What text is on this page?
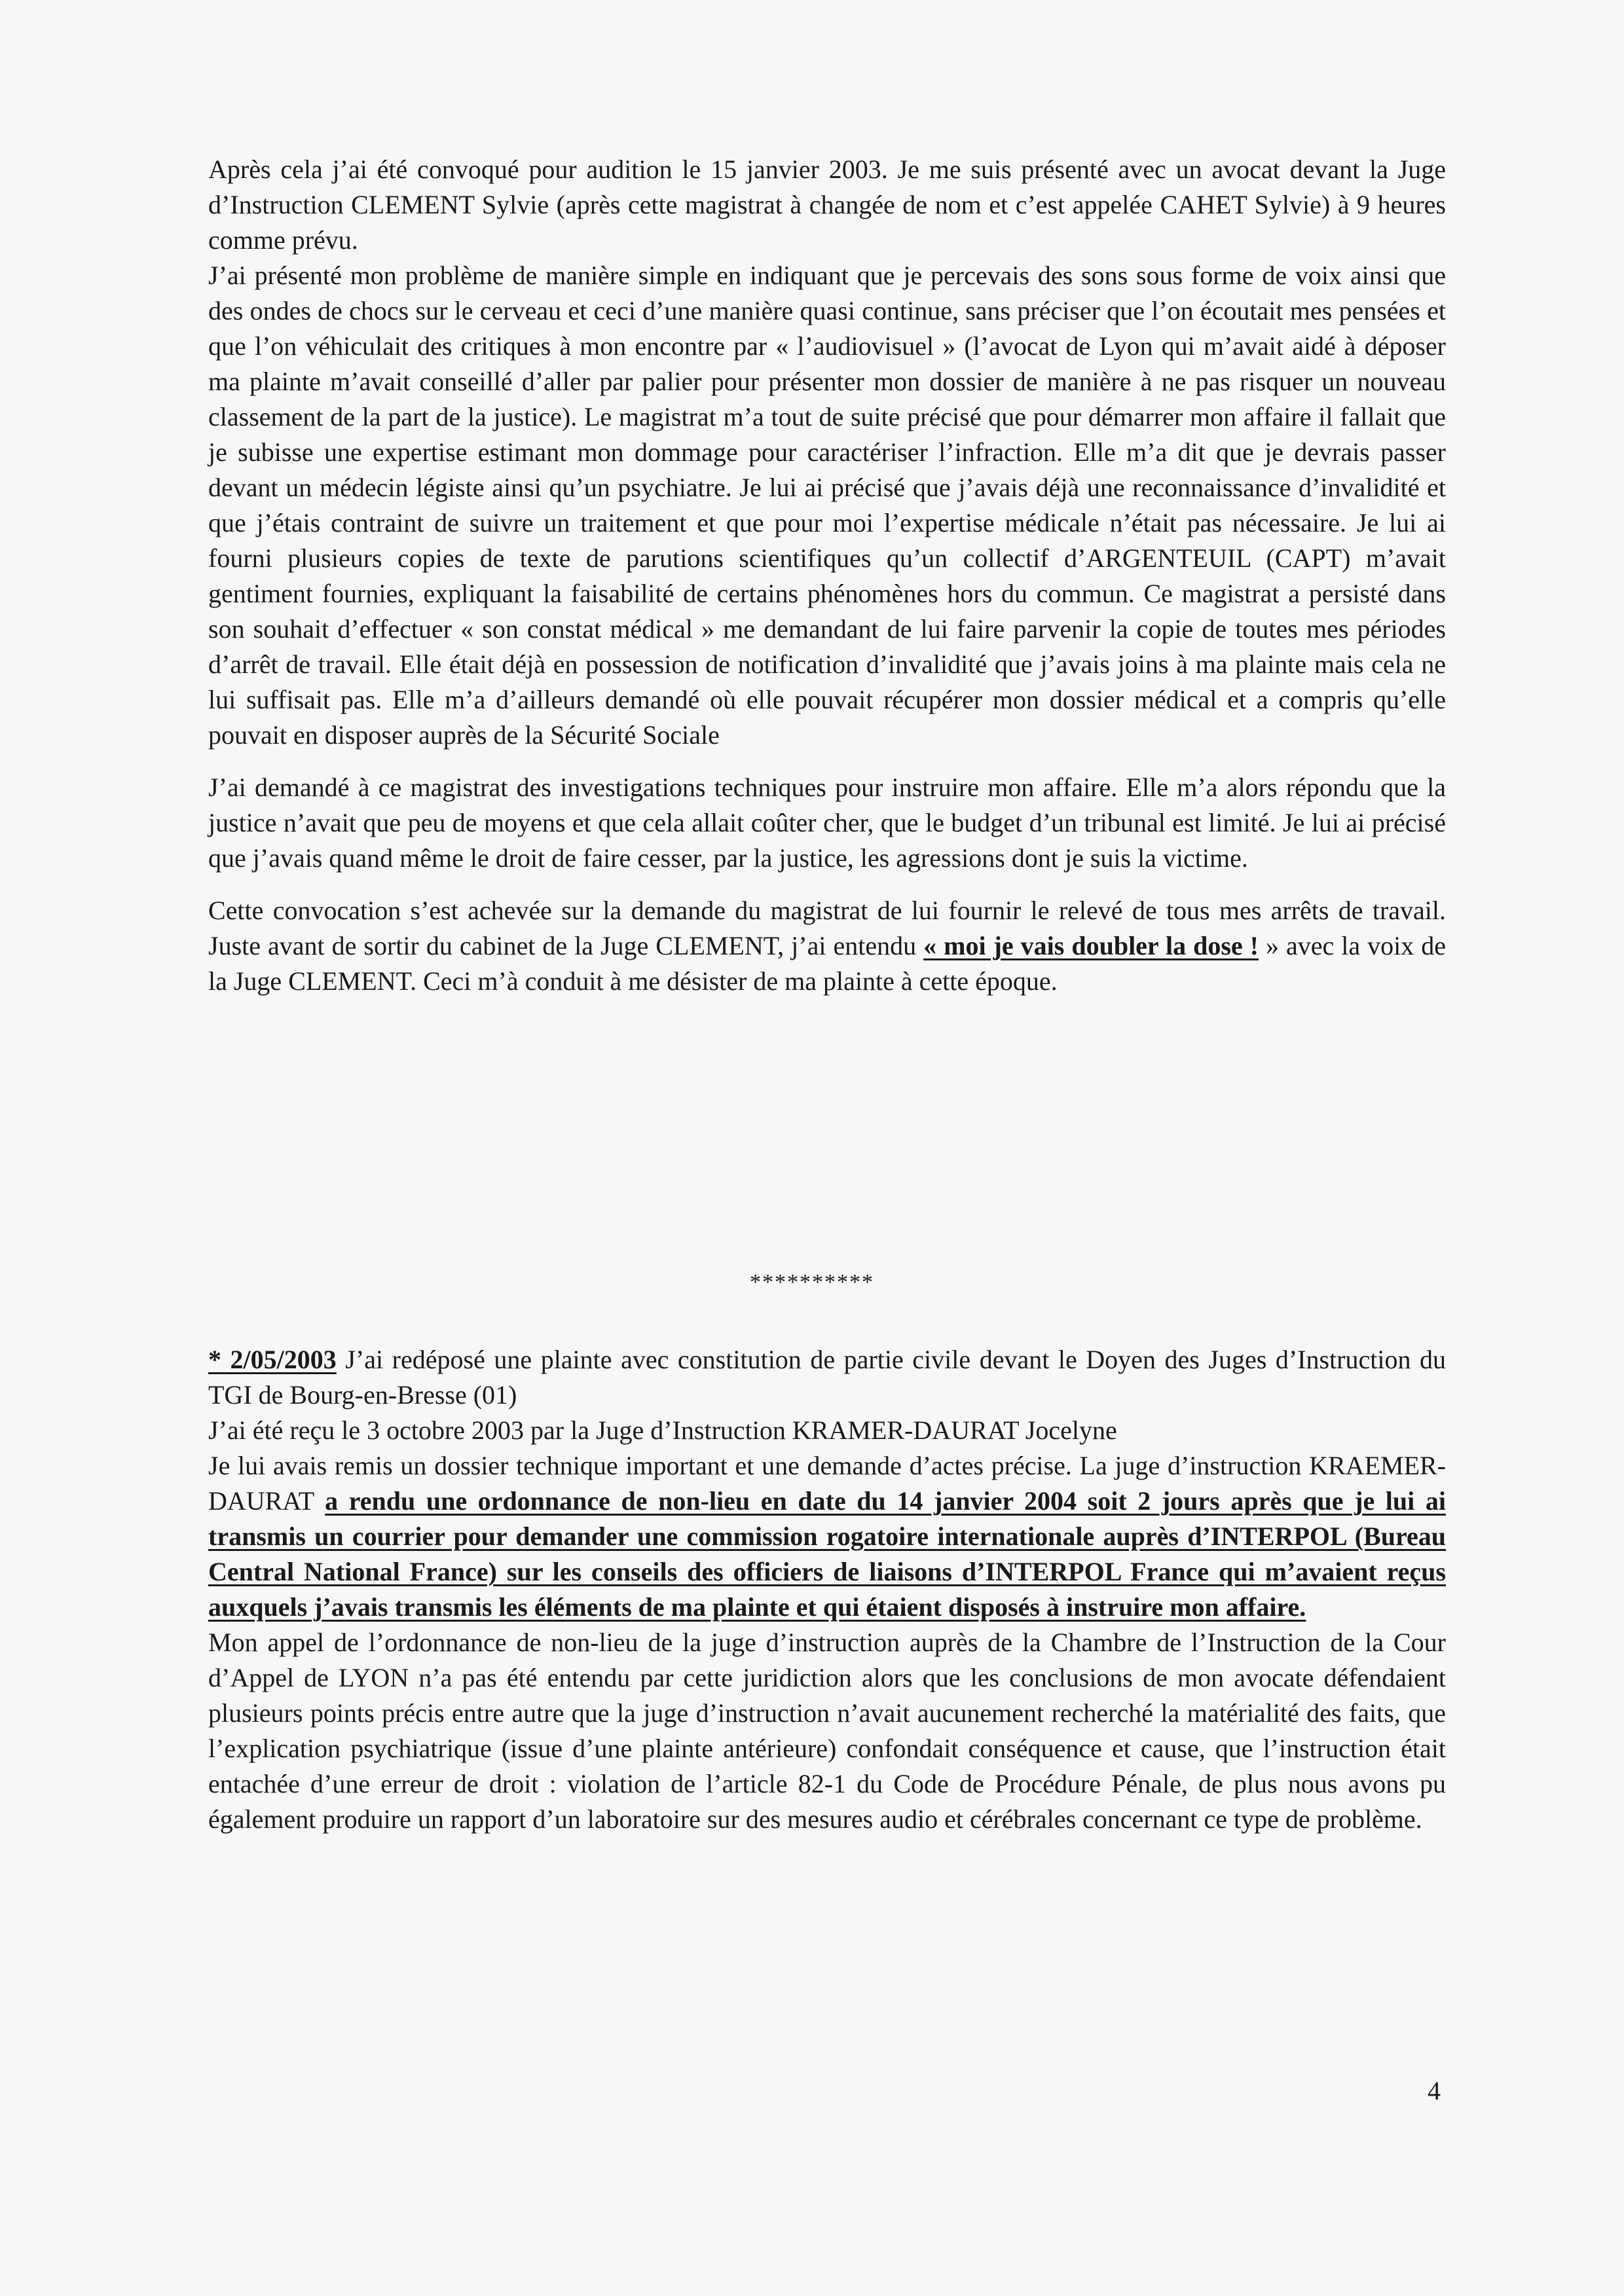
Après cela j’ai été convoqué pour audition le 15 janvier 2003. Je me suis présenté avec un avocat devant la Juge d’Instruction CLEMENT Sylvie (après cette magistrat à changée de nom et c’est appelée CAHET Sylvie) à 9 heures comme prévu.

J’ai présenté mon problème de manière simple en indiquant que je percevais des sons sous forme de voix ainsi que des ondes de chocs sur le cerveau et ceci d’une manière quasi continue, sans préciser que l’on écoutait mes pensées et que l’on véhiculait des critiques à mon encontre par « l’audiovisuel » (l’avocat de Lyon qui m’avait aidé à déposer ma plainte m’avait conseillé d’aller par palier pour présenter mon dossier de manière à ne pas risquer un nouveau classement de la part de la justice). Le magistrat m’a tout de suite précisé que pour démarrer mon affaire il fallait que je subisse une expertise estimant mon dommage pour caractériser l’infraction. Elle m’a dit que je devrais passer devant un médecin légiste ainsi qu’un psychiatre. Je lui ai précisé que j’avais déjà une reconnaissance d’invalidité et que j’étais contraint de suivre un traitement et que pour moi l’expertise médicale n’était pas nécessaire. Je lui ai fourni plusieurs copies de texte de parutions scientifiques qu’un collectif d’ARGENTEUIL (CAPT) m’avait gentiment fournies, expliquant la faisabilité de certains phénomènes hors du commun. Ce magistrat a persisté dans son souhait d’effectuer « son constat médical » me demandant de lui faire parvenir la copie de toutes mes périodes d’arrêt de travail. Elle était déjà en possession de notification d’invalidité que j’avais joins à ma plainte mais cela ne lui suffisait pas. Elle m’a d’ailleurs demandé où elle pouvait récupérer mon dossier médical et a compris qu’elle pouvait en disposer auprès de la Sécurité Sociale

J’ai demandé à ce magistrat des investigations techniques pour instruire mon affaire. Elle m’a alors répondu que la justice n’avait que peu de moyens et que cela allait coûter cher, que le budget d’un tribunal est limité. Je lui ai précisé que j’avais quand même le droit de faire cesser, par la justice, les agressions dont je suis la victime.

Cette convocation s’est achevée sur la demande du magistrat de lui fournir le relevé de tous mes arrêts de travail. Juste avant de sortir du cabinet de la Juge CLEMENT, j’ai entendu « moi je vais doubler la dose ! » avec la voix de la Juge CLEMENT. Ceci m’à conduit à me désister de ma plainte à cette époque.

**********

* 2/05/2003 J’ai redéposé une plainte avec constitution de partie civile devant le Doyen des Juges d’Instruction du TGI de Bourg-en-Bresse (01)

J’ai été reçu le 3 octobre 2003 par la Juge d’Instruction KRAMER-DAURAT Jocelyne

Je lui avais remis un dossier technique important et une demande d’actes précise. La juge d’instruction KRAEMER-DAURAT a rendu une ordonnance de non-lieu en date du 14 janvier 2004 soit 2 jours après que je lui ai transmis un courrier pour demander une commission rogatoire internationale auprès d’INTERPOL (Bureau Central National France) sur les conseils des officiers de liaisons d’INTERPOL France qui m’avaient reçus auxquels j’avais transmis les éléments de ma plainte et qui étaient disposés à instruire mon affaire.

Mon appel de l’ordonnance de non-lieu de la juge d’instruction auprès de la Chambre de l’Instruction de la Cour d’Appel de LYON n’a pas été entendu par cette juridiction alors que les conclusions de mon avocate défendaient plusieurs points précis entre autre que la juge d’instruction n’avait aucunement recherché la matérialité des faits, que l’explication psychiatrique (issue d’une plainte antérieure) confondait conséquence et cause, que l’instruction était entachée d’une erreur de droit : violation de l’article 82-1 du Code de Procédure Pénale, de plus nous avons pu également produire un rapport d’un laboratoire sur des mesures audio et cérébrales concernant ce type de problème.

4
